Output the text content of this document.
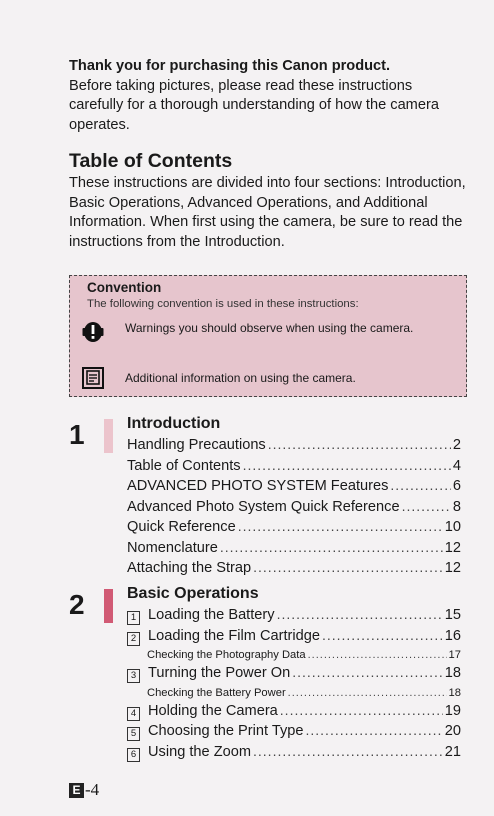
Thank you for purchasing this Canon product.
Before taking pictures, please read these instructions carefully for a thorough understanding of how the camera operates.
Table of Contents
These instructions are divided into four sections: Introduction, Basic Operations, Advanced Operations, and Additional Information. When first using the camera, be sure to read the instructions from the Introduction.
Convention
The following convention is used in these instructions:
Warnings you should observe when using the camera.
Additional information on using the camera.
1	Introduction
Handling Precautions .....	2
Table of Contents .....	4
ADVANCED PHOTO SYSTEM Features .....	6
Advanced Photo System Quick Reference .....	8
Quick Reference .....	10
Nomenclature .....	12
Attaching the Strap .....	12
2	Basic Operations
1 Loading the Battery .....	15
2 Loading the Film Cartridge .....	16
Checking the Photography Data .....	17
3 Turning the Power On .....	18
Checking the Battery Power .....	18
4 Holding the Camera .....	19
5 Choosing the Print Type .....	20
6 Using the Zoom .....	21
E -4
